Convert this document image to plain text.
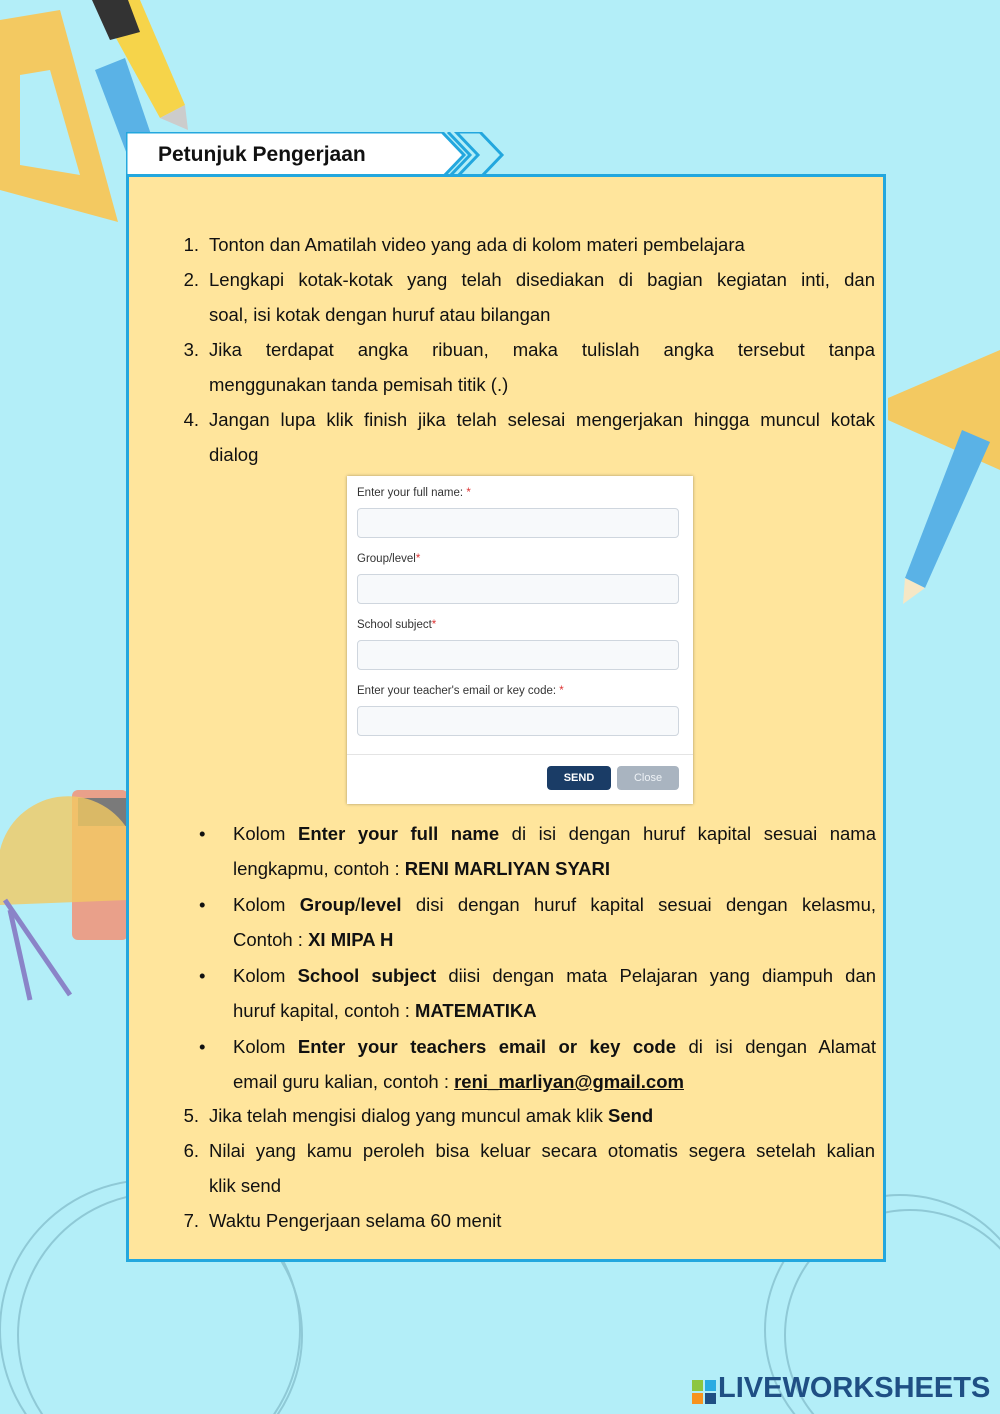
Petunjuk Pengerjaan
1. Tonton dan Amatilah video yang ada di kolom materi pembelajara
2. Lengkapi kotak-kotak yang telah disediakan di bagian kegiatan inti, dan
soal, isi kotak dengan huruf atau bilangan
3. Jika terdapat angka ribuan, maka tulislah angka tersebut tanpa
menggunakan tanda pemisah titik (.)
4. Jangan lupa klik finish jika telah selesai mengerjakan hingga muncul kotak
dialog
Enter your full name: *
Group/level*
School subject*
Enter your teacher's email or key code: *
SEND	Close
• Kolom Enter your full name di isi dengan huruf kapital sesuai nama
lengkapmu, contoh : RENI MARLIYAN SYARI
• Kolom Group/level disi dengan huruf kapital sesuai dengan kelasmu,
Contoh : XI MIPA H
• Kolom School subject diisi dengan mata Pelajaran yang diampuh dan
huruf kapital, contoh : MATEMATIKA
• Kolom Enter your teachers email or key code di isi dengan Alamat
email guru kalian, contoh : reni_marliyan@gmail.com
5. Jika telah mengisi dialog yang muncul amak klik Send
6. Nilai yang kamu peroleh bisa keluar secara otomatis segera setelah kalian
klik send
7. Waktu Pengerjaan selama 60 menit
LIVEWORKSHEETS
